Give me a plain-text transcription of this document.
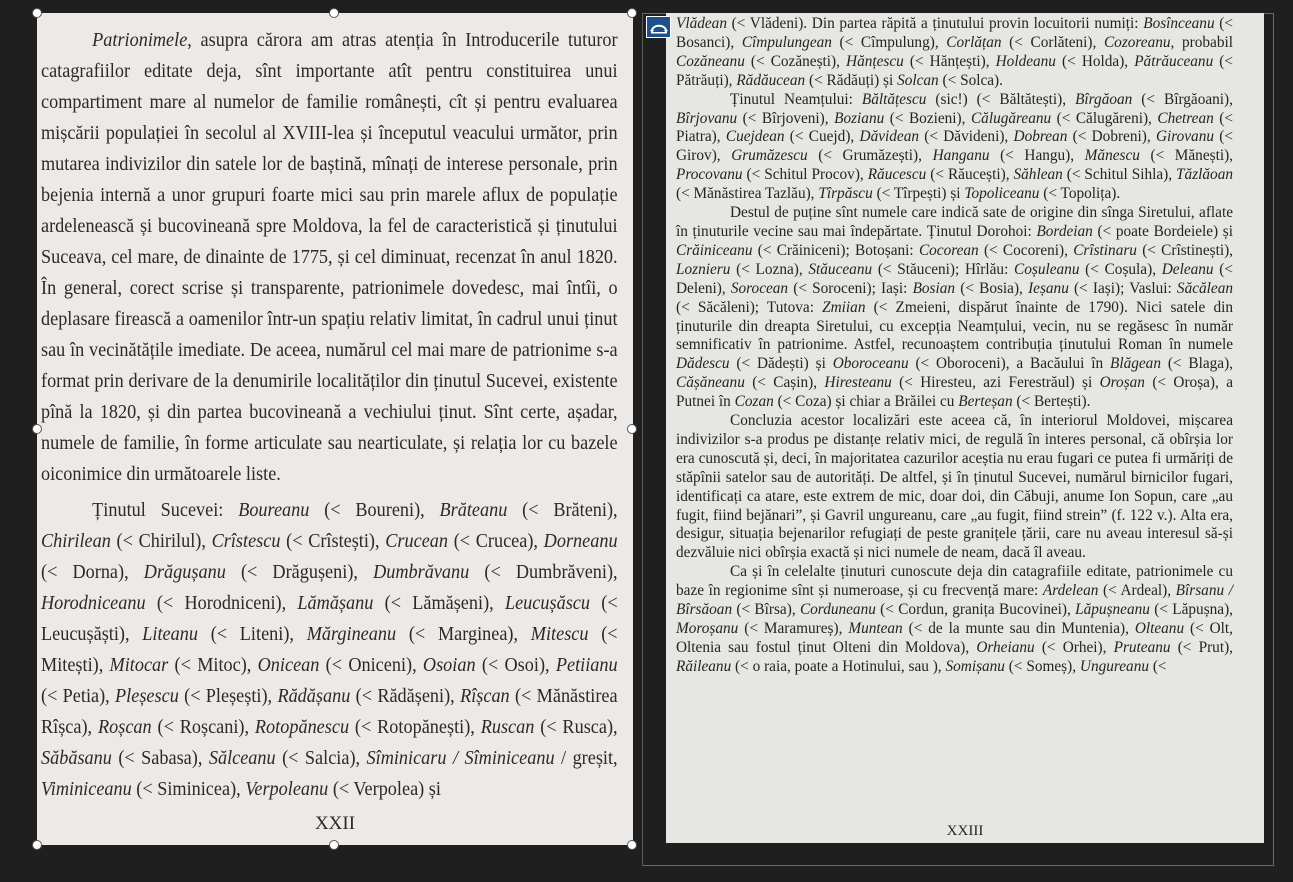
Patrionimele, asupra cărora am atras atenția în Introducerile tuturor catagrafiilor editate deja, sînt importante atît pentru constituirea unui compartiment mare al numelor de familie românești, cît și pentru evaluarea mișcării populației în secolul al XVIII-lea și începutul veacului următor, prin mutarea indivizilor din satele lor de baștină, mînați de interese personale, prin bejenia internă a unor grupuri foarte mici sau prin marele aflux de populație ardelenească și bucovineană spre Moldova, la fel de caracteristică și ținutului Suceava, cel mare, de dinainte de 1775, și cel diminuat, recenzat în anul 1820. În general, corect scrise și transparente, patrionimele dovedesc, mai întîi, o deplasare firească a oamenilor într-un spațiu relativ limitat, în cadrul unui ținut sau în vecinătățile imediate. De aceea, numărul cel mai mare de patrionime s-a format prin derivare de la denumirile localităților din ținutul Sucevei, existente pînă la 1820, și din partea bucovineană a vechiului ținut. Sînt certe, așadar, numele de familie, în forme articulate sau nearticulate, și relația lor cu bazele oiconimice din următoarele liste.

Ținutul Sucevei: Boureanu (< Boureni), Brăteanu (< Brăteni), Chirilean (< Chirilul), Crîstescu (< Crîstești), Crucean (< Crucea), Dorneanu (< Dorna), Drăgușanu (< Drăgușeni), Dumbrăvanu (< Dumbrăveni), Horodniceanu (< Horodniceni), Lămășanu (< Lămășeni), Leucușăscu (< Leucușăști), Liteanu (< Liteni), Mărgineanu (< Marginea), Mitescu (< Mitești), Mitocar (< Mitoc), Onicean (< Oniceni), Osoian (< Osoi), Petiianu (< Petia), Pleșescu (< Pleșești), Rădășanu (< Rădășeni), Rîșcan (< Mănăstirea Rîșca), Roșcan (< Roșcani), Rotopănescu (< Rotopănești), Ruscan (< Rusca), Săbăsanu (< Sabasa), Sălceanu (< Salcia), Sîminicaru / Sîminiceanu / greșit, Viminiceanu (< Siminicea), Verpoleanu (< Verpolea) și

XXII

Vlădean (< Vlădeni). Din partea răpită a ținutului provin locuitorii numiți: Bosînceanu (< Bosanci), Cîmpulungean (< Cîmpulung), Corlățan (< Corlăteni), Cozoreanu, probabil Cozăneanu (< Cozănești), Hănțescu (< Hănțești), Holdeanu (< Holda), Pătrăuceanu (< Pătrăuți), Rădăucean (< Rădăuți) și Solcan (< Solca).

Ținutul Neamțului: Băltățescu (sic!) (< Băltătești), Bîrgăoan (< Bîrgăoani), Bîrjovanu (< Bîrjoveni), Bozianu (< Bozieni), Călugăreanu (< Călugăreni), Chetrean (< Piatra), Cuejdean (< Cuejd), Dăvidean (< Dăvideni), Dobrean (< Dobreni), Girovanu (< Girov), Grumăzescu (< Grumăzești), Hanganu (< Hangu), Mănescu (< Mănești), Procovanu (< Schitul Procov), Răucescu (< Răucești), Săhlean (< Schitul Sihla), Tăzlăoan (< Mănăstirea Tazlău), Tîrpăscu (< Tîrpești) și Topoliceanu (< Topolița).

Destul de puține sînt numele care indică sate de origine din sînga Siretului, aflate în ținuturile vecine sau mai îndepărtate. Ținutul Dorohoi: Bordeian (< poate Bordeiele) și Crăiniceanu (< Crăiniceni); Botoșani: Cocorean (< Cocoreni), Crîstinaru (< Crîstinești), Loznieru (< Lozna), Stăuceanu (< Stăuceni); Hîrlău: Coșuleanu (< Coșula), Deleanu (< Deleni), Sorocean (< Soroceni); Iași: Bosian (< Bosia), Ieșanu (< Iași); Vaslui: Săcălean (< Săcăleni); Tutova: Zmiian (< Zmeieni, dispărut înainte de 1790). Nici satele din ținuturile din dreapta Siretului, cu excepția Neamțului, vecin, nu se regăsesc în număr semnificativ în patrionime. Astfel, recunoaștem contribuția ținutului Roman în numele Dădescu (< Dădești) și Oboroceanu (< Oboroceni), a Bacăului în Blăgean (< Blaga), Cășăneanu (< Cașin), Hiresteanu (< Hiresteu, azi Ferestrăul) și Oroșan (< Oroșa), a Putnei în Cozan (< Coza) și chiar a Brăilei cu Berteșan (< Bertești).

Concluzia acestor localizări este aceea că, în interiorul Moldovei, mișcarea indivizilor s-a produs pe distanțe relativ mici, de regulă în interes personal, că obîrșia lor era cunoscută și, deci, în majoritatea cazurilor aceștia nu erau fugari ce putea fi urmăriți de stăpînii satelor sau de autorități. De altfel, și în ținutul Sucevei, numărul birnicilor fugari, identificați ca atare, este extrem de mic, doar doi, din Căbuji, anume Ion Sopun, care „au fugit, fiind bejănari”, și Gavril ungureanu, care „au fugit, fiind strein” (f. 122 v.). Alta era, desigur, situația bejenarilor refugiați de peste granițele țării, care nu aveau interesul să-și dezvăluie nici obîrșia exactă și nici numele de neam, dacă îl aveau.

Ca și în celelalte ținuturi cunoscute deja din catagrafiile editate, patrionimele cu baze în regionime sînt și numeroase, și cu frecvență mare: Ardelean (< Ardeal), Bîrsanu / Bîrsăoan (< Bîrsa), Corduneanu (< Cordun, granița Bucovinei), Lăpușneanu (< Lăpușna), Moroșanu (< Maramureș), Muntean (< de la munte sau din Muntenia), Olteanu (< Olt, Oltenia sau fostul ținut Olteni din Moldova), Orheianu (< Orhei), Pruteanu (< Prut), Răileanu (< o raia, poate a Hotinului, sau ), Somișanu (< Someș), Ungureanu (<

XXIII
